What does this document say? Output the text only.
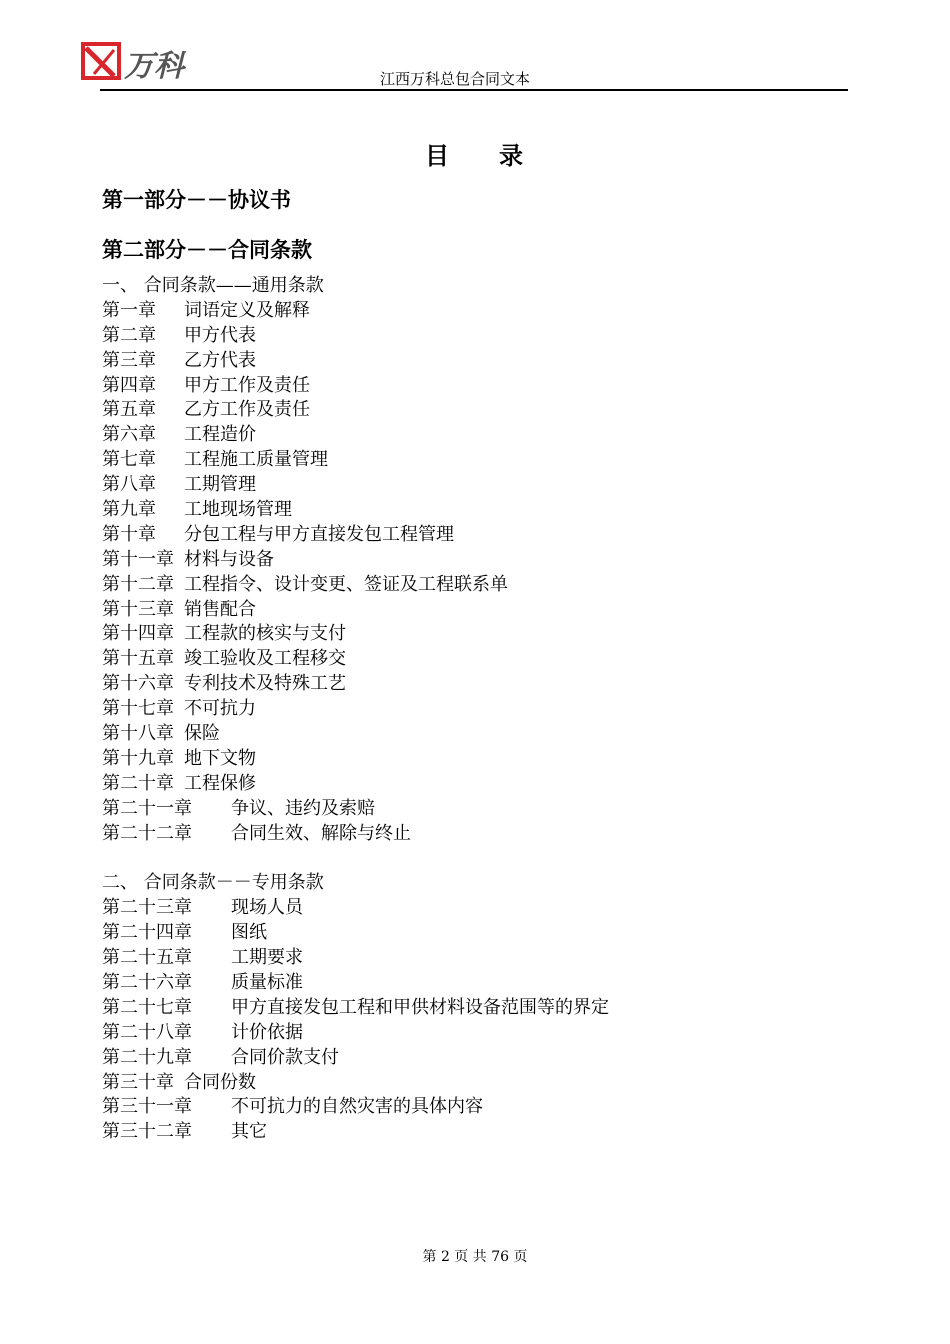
万科	江西万科总包合同文本
目 录
第一部分－－协议书
第二部分－－合同条款
一、 合同条款——通用条款
第一章 词语定义及解释
第二章 甲方代表
第三章 乙方代表
第四章 甲方工作及责任
第五章 乙方工作及责任
第六章 工程造价
第七章 工程施工质量管理
第八章 工期管理
第九章 工地现场管理
第十章 分包工程与甲方直接发包工程管理
第十一章 材料与设备
第十二章 工程指令、设计变更、签证及工程联系单
第十三章 销售配合
第十四章 工程款的核实与支付
第十五章 竣工验收及工程移交
第十六章 专利技术及特殊工艺
第十七章 不可抗力
第十八章 保险
第十九章 地下文物
第二十章 工程保修
第二十一章 争议、违约及索赔
第二十二章 合同生效、解除与终止
二、 合同条款－－专用条款
第二十三章 现场人员
第二十四章 图纸
第二十五章 工期要求
第二十六章 质量标准
第二十七章 甲方直接发包工程和甲供材料设备范围等的界定
第二十八章 计价依据
第二十九章 合同价款支付
第三十章 合同份数
第三十一章 不可抗力的自然灾害的具体内容
第三十二章 其它
第 2 页 共 76 页
